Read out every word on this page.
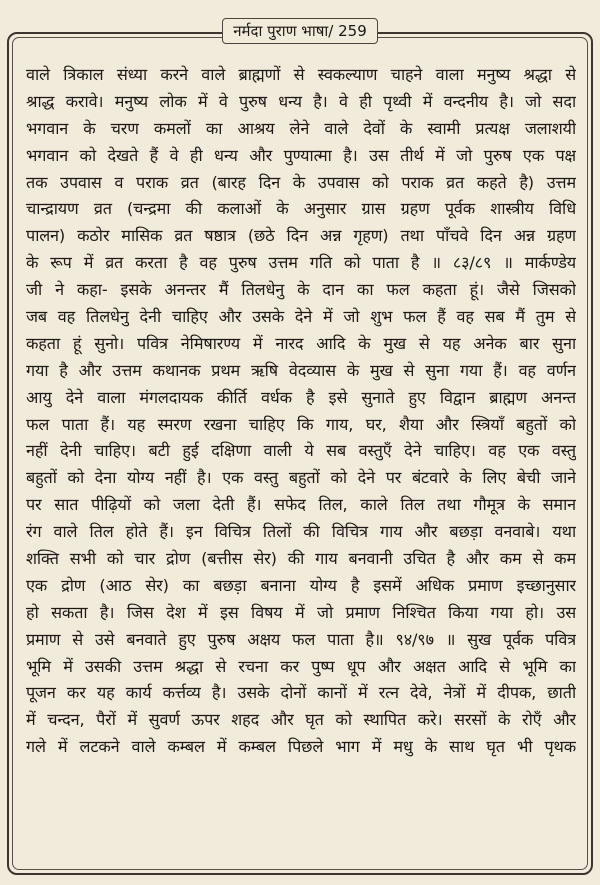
नर्मदा पुराण भाषा/ 259
वाले त्रिकाल संध्या करने वाले ब्राह्मणों से स्वकल्याण चाहने वाला मनुष्य श्रद्धा से
श्राद्ध करावे। मनुष्य लोक में वे पुरुष धन्य है। वे ही पृथ्वी में वन्दनीय है। जो सदा
भगवान के चरण कमलों का आश्रय लेने वाले देवों के स्वामी प्रत्यक्ष जलाशयी
भगवान को देखते हैं वे ही धन्य और पुण्यात्मा है। उस तीर्थ में जो पुरुष एक पक्ष
तक उपवास व पराक व्रत (बारह दिन के उपवास को पराक व्रत कहते है) उत्तम
चान्द्रायण व्रत (चन्द्रमा की कलाओं के अनुसार ग्रास ग्रहण पूर्वक शास्त्रीय विधि
पालन) कठोर मासिक व्रत षष्ठात्र (छठे दिन अन्न गृहण) तथा पाँचवे दिन अन्न ग्रहण
के रूप में व्रत करता है वह पुरुष उत्तम गति को पाता है ॥ ८३/८९ ॥ मार्कण्डेय
जी ने कहा- इसके अनन्तर मैं तिलधेनु के दान का फल कहता हूं। जैसे जिसको
जब वह तिलधेनु देनी चाहिए और उसके देने में जो शुभ फल हैं वह सब मैं तुम से
कहता हूं सुनो। पवित्र नेमिषारण्य में नारद आदि के मुख से यह अनेक बार सुना
गया है और उत्तम कथानक प्रथम ऋषि वेदव्यास के मुख से सुना गया हैं। वह वर्णन
आयु देने वाला मंगलदायक कीर्ति वर्धक है इसे सुनाते हुए विद्वान ब्राह्मण अनन्त
फल पाता हैं। यह स्मरण रखना चाहिए कि गाय, घर, शैया और स्त्रियाँ बहुतों को
नहीं देनी चाहिए। बटी हुई दक्षिणा वाली ये सब वस्तुएँ देने चाहिए। वह एक वस्तु
बहुतों को देना योग्य नहीं है। एक वस्तु बहुतों को देने पर बंटवारे के लिए बेची जाने
पर सात पीढ़ियों को जला देती हैं। सफेद तिल, काले तिल तथा गौमूत्र के समान
रंग वाले तिल होते हैं। इन विचित्र तिलों की विचित्र गाय और बछड़ा वनवाबे। यथा
शक्ति सभी को चार द्रोण (बत्तीस सेर) की गाय बनवानी उचित है और कम से कम
एक द्रोण (आठ सेर) का बछड़ा बनाना योग्य है इसमें अधिक प्रमाण इच्छानुसार
हो सकता है। जिस देश में इस विषय में जो प्रमाण निश्चित किया गया हो। उस
प्रमाण से उसे बनवाते हुए पुरुष अक्षय फल पाता है॥ ९४/९७ ॥ सुख पूर्वक पवित्र
भूमि में उसकी उत्तम श्रद्धा से रचना कर पुष्प धूप और अक्षत आदि से भूमि का
पूजन कर यह कार्य कर्त्तव्य है। उसके दोनों कानों में रत्न देवे, नेत्रों में दीपक, छाती
में चन्दन, पैरों में सुवर्ण ऊपर शहद और घृत को स्थापित करे। सरसों के रोएँ और
गले में लटकने वाले कम्बल में कम्बल पिछले भाग में मधु के साथ घृत भी पृथक
